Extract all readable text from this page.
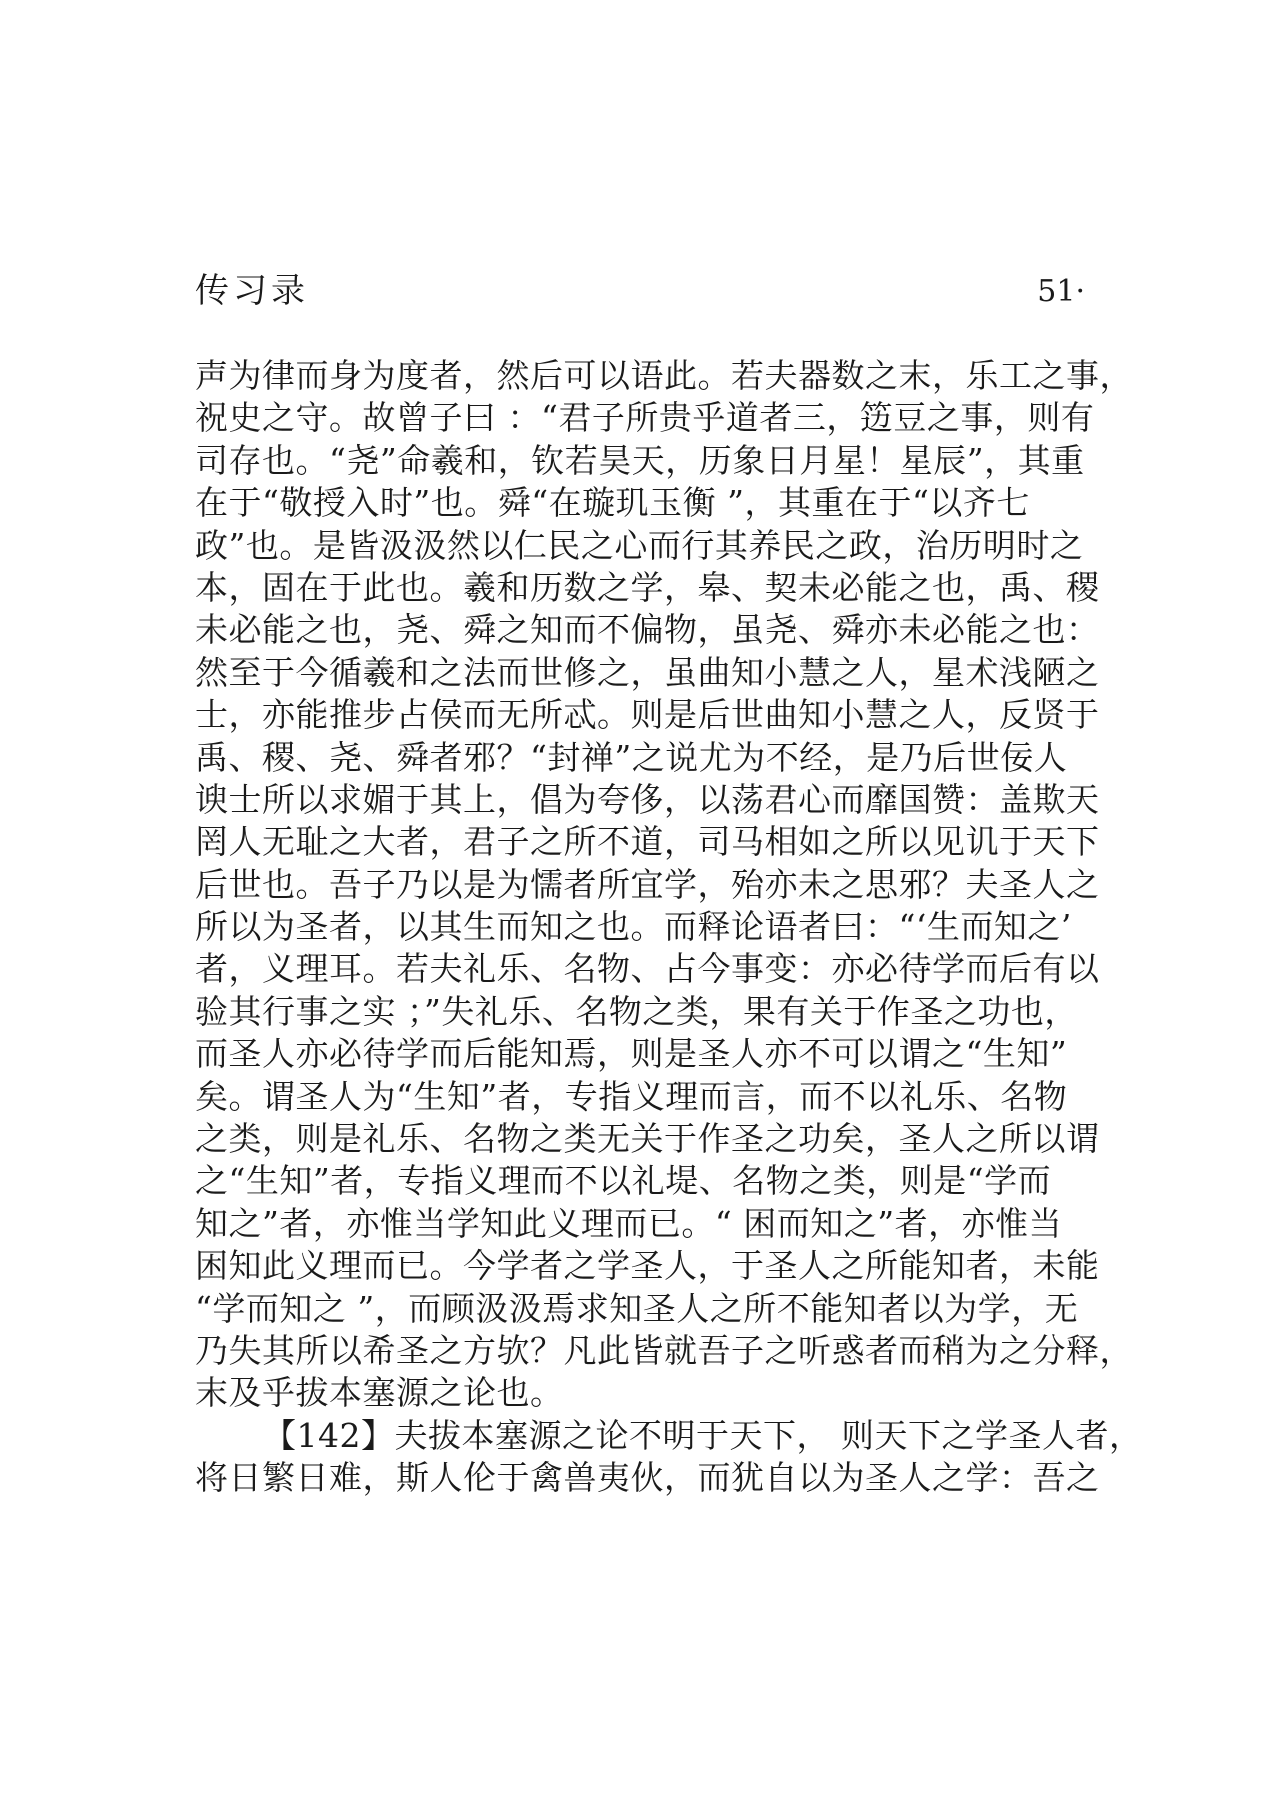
传习录	51·
声为律而身为度者，然后可以语此。若夫器数之末，乐工之事，
祝史之守。故曾子曰 ：“君子所贵乎道者三，笾豆之事，则有
司存也。“尧”命羲和，钦若昊天，历象日月星！星辰”，其重
在于“敬授入时”也。舜“在璇玑玉衡 ”，其重在于“以齐七
政”也。是皆汲汲然以仁民之心而行其养民之政，治历明时之
本，固在于此也。羲和历数之学，皋、契未必能之也，禹、稷
未必能之也，尧、舜之知而不偏物，虽尧、舜亦未必能之也：
然至于今循羲和之法而世修之，虽曲知小慧之人，星术浅陋之
士，亦能推步占侯而无所忒。则是后世曲知小慧之人，反贤于
禹、稷、尧、舜者邪？“封禅”之说尤为不经，是乃后世佞人
谀士所以求媚于其上，倡为夸侈，以荡君心而靡国赞：盖欺天
罔人无耻之大者，君子之所不道，司马相如之所以见讥于天下
后世也。吾子乃以是为懦者所宜学，殆亦未之思邪？夫圣人之
所以为圣者，以其生而知之也。而释论语者曰：“‘生而知之’
者，义理耳。若夫礼乐、名物、占今事变：亦必待学而后有以
验其行事之实 ；”失礼乐、名物之类，果有关于作圣之功也，
而圣人亦必待学而后能知焉，则是圣人亦不可以谓之“生知”
矣。谓圣人为“生知”者，专指义理而言，而不以礼乐、名物
之类，则是礼乐、名物之类无关于作圣之功矣，圣人之所以谓
之“生知”者，专指义理而不以礼堤、名物之类，则是“学而
知之”者，亦惟当学知此义理而已。“ 困而知之”者，亦惟当
困知此义理而已。今学者之学圣人，于圣人之所能知者，未能
“学而知之 ”，而顾汲汲焉求知圣人之所不能知者以为学，无
乃失其所以希圣之方欤？凡此皆就吾子之听惑者而稍为之分释，
末及乎拔本塞源之论也。
【142】夫拔本塞源之论不明于天下， 则天下之学圣人者，
将日繁日难，斯人伦于禽兽夷伙，而犹自以为圣人之学：吾之
